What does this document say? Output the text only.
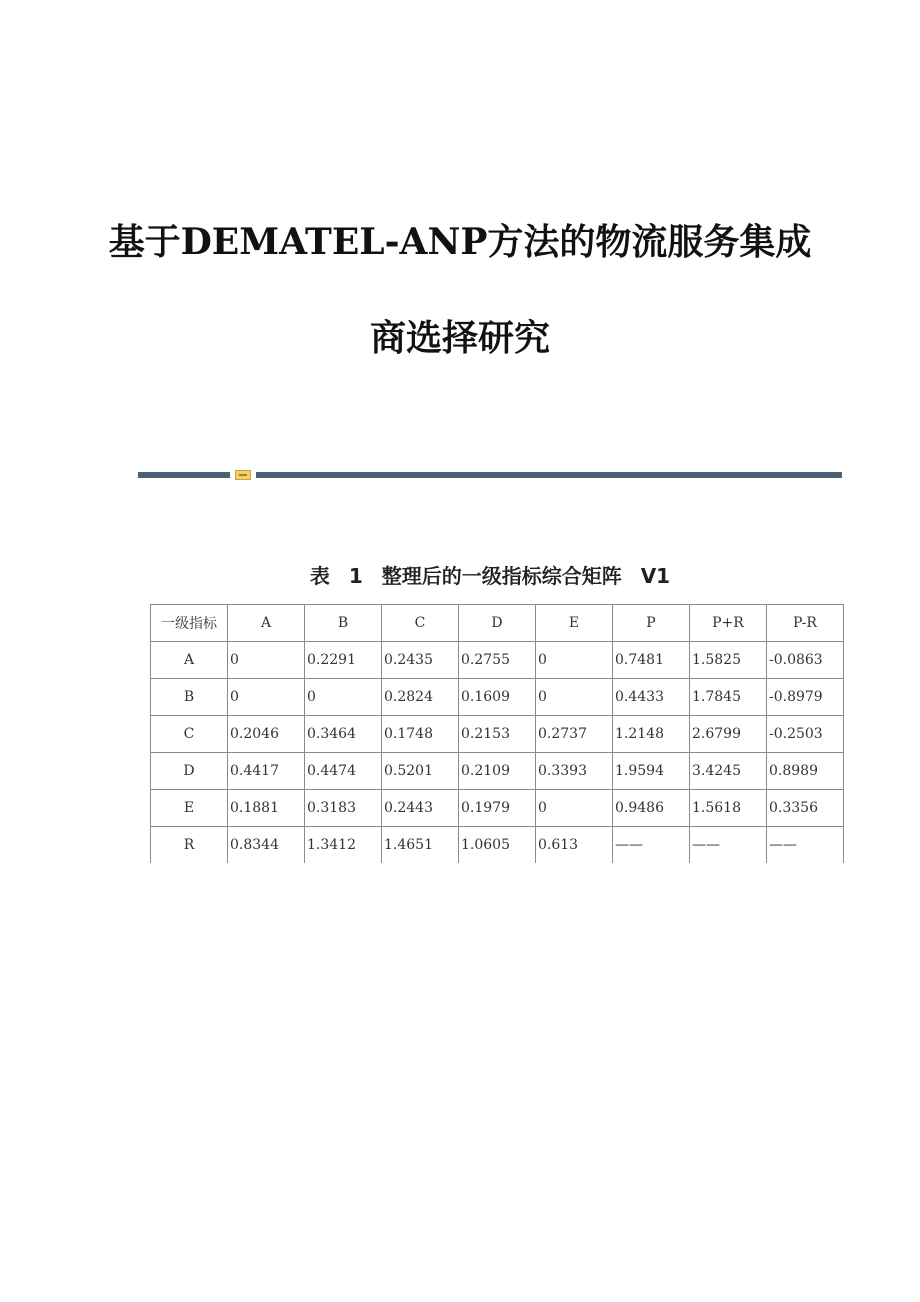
基于DEMATEL-ANP方法的物流服务集成
商选择研究
表 1 整理后的一级指标综合矩阵 V1
一级指标	A	B	C	D	E	P	P+R	P-R
A	0	0.2291	0.2435	0.2755	0	0.7481	1.5825	-0.0863
B	0	0	0.2824	0.1609	0	0.4433	1.7845	-0.8979
C	0.2046	0.3464	0.1748	0.2153	0.2737	1.2148	2.6799	-0.2503
D	0.4417	0.4474	0.5201	0.2109	0.3393	1.9594	3.4245	0.8989
E	0.1881	0.3183	0.2443	0.1979	0	0.9486	1.5618	0.3356
R	0.8344	1.3412	1.4651	1.0605	0.613	——	——	——
